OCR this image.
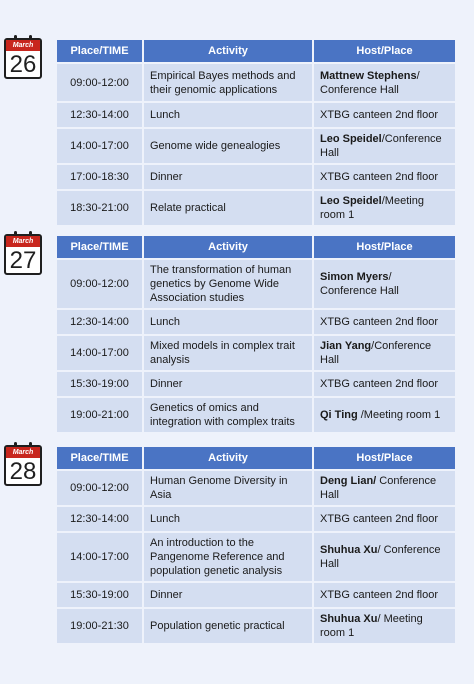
March
26	Place/TIME	Activity	Host/Place
09:00-12:00	Empirical Bayes methods and their genomic applications	Mattnew Stephens/ Conference Hall
12:30-14:00	Lunch	XTBG canteen 2nd floor
14:00-17:00	Genome wide genealogies	Leo Speidel/Conference Hall
17:00-18:30	Dinner	XTBG canteen 2nd floor
18:30-21:00	Relate practical	Leo Speidel/Meeting room 1
March
27	Place/TIME	Activity	Host/Place
09:00-12:00	The transformation of human genetics by Genome Wide Association studies	Simon Myers/ Conference Hall
12:30-14:00	Lunch	XTBG canteen 2nd floor
14:00-17:00	Mixed models in complex trait analysis	Jian Yang/Conference Hall
15:30-19:00	Dinner	XTBG canteen 2nd floor
19:00-21:00	Genetics of omics and integration with complex traits	Qi Ting /Meeting room 1
March
28	Place/TIME	Activity	Host/Place
09:00-12:00	Human Genome Diversity in Asia	Deng Lian/ Conference Hall
12:30-14:00	Lunch	XTBG canteen 2nd floor
14:00-17:00	An introduction to the Pangenome Reference and population genetic analysis	Shuhua Xu/ Conference Hall
15:30-19:00	Dinner	XTBG canteen 2nd floor
19:00-21:30	Population genetic practical	Shuhua Xu/ Meeting room 1
